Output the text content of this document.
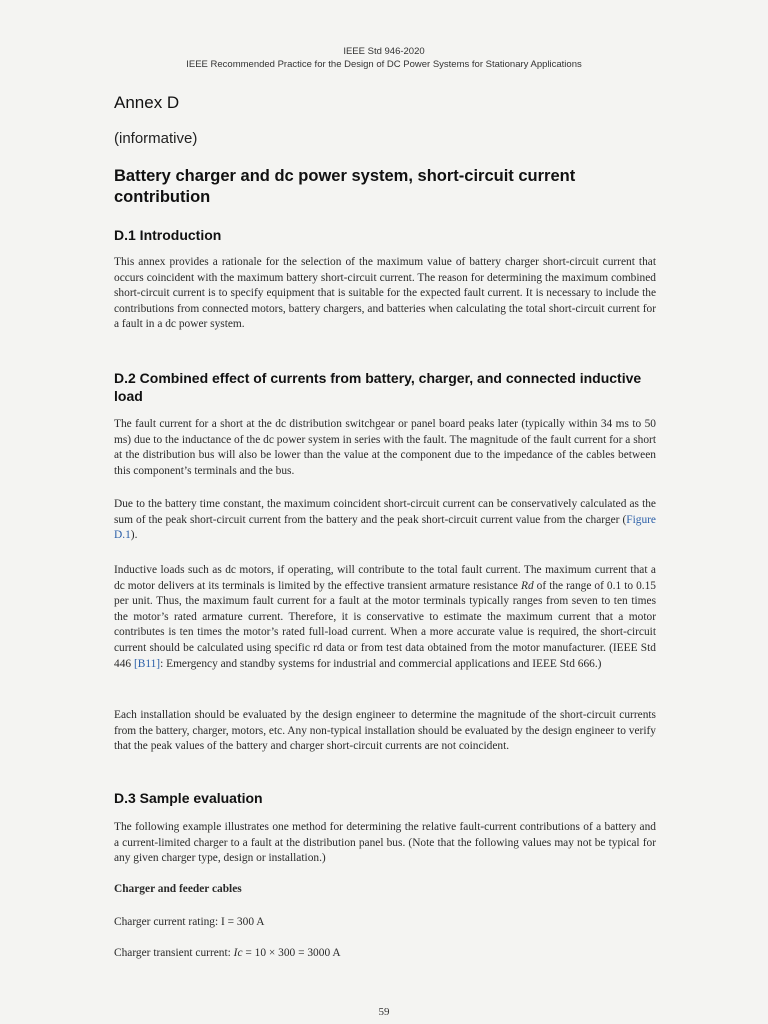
IEEE Std 946-2020
IEEE Recommended Practice for the Design of DC Power Systems for Stationary Applications
Annex D
(informative)
Battery charger and dc power system, short-circuit current contribution
D.1 Introduction

This annex provides a rationale for the selection of the maximum value of battery charger short-circuit current that occurs coincident with the maximum battery short-circuit current. The reason for determining the maximum combined short-circuit current is to specify equipment that is suitable for the expected fault current. It is necessary to include the contributions from connected motors, battery chargers, and batteries when calculating the total short-circuit current for a fault in a dc power system.

D.2 Combined effect of currents from battery, charger, and connected inductive load

The fault current for a short at the dc distribution switchgear or panel board peaks later (typically within 34 ms to 50 ms) due to the inductance of the dc power system in series with the fault. The magnitude of the fault current for a short at the distribution bus will also be lower than the value at the component due to the impedance of the cables between this component’s terminals and the bus.

Due to the battery time constant, the maximum coincident short-circuit current can be conservatively calculated as the sum of the peak short-circuit current from the battery and the peak short-circuit current value from the charger (Figure D.1).

Inductive loads such as dc motors, if operating, will contribute to the total fault current. The maximum current that a dc motor delivers at its terminals is limited by the effective transient armature resistance Rd of the range of 0.1 to 0.15 per unit. Thus, the maximum fault current for a fault at the motor terminals typically ranges from seven to ten times the motor’s rated armature current. Therefore, it is conservative to estimate the maximum current that a motor contributes is ten times the motor’s rated full-load current. When a more accurate value is required, the short-circuit current should be calculated using specific rd data or from test data obtained from the motor manufacturer. (IEEE Std 446 [B11]: Emergency and standby systems for industrial and commercial applications and IEEE Std 666.)

Each installation should be evaluated by the design engineer to determine the magnitude of the short-circuit currents from the battery, charger, motors, etc. Any non-typical installation should be evaluated by the design engineer to verify that the peak values of the battery and charger short-circuit currents are not coincident.

D.3 Sample evaluation

The following example illustrates one method for determining the relative fault-current contributions of a battery and a current-limited charger to a fault at the distribution panel bus. (Note that the following values may not be typical for any given charger type, design or installation.)

Charger and feeder cables

Charger current rating: I = 300 A

Charger transient current: Ic = 10 × 300 = 3000 A

59
